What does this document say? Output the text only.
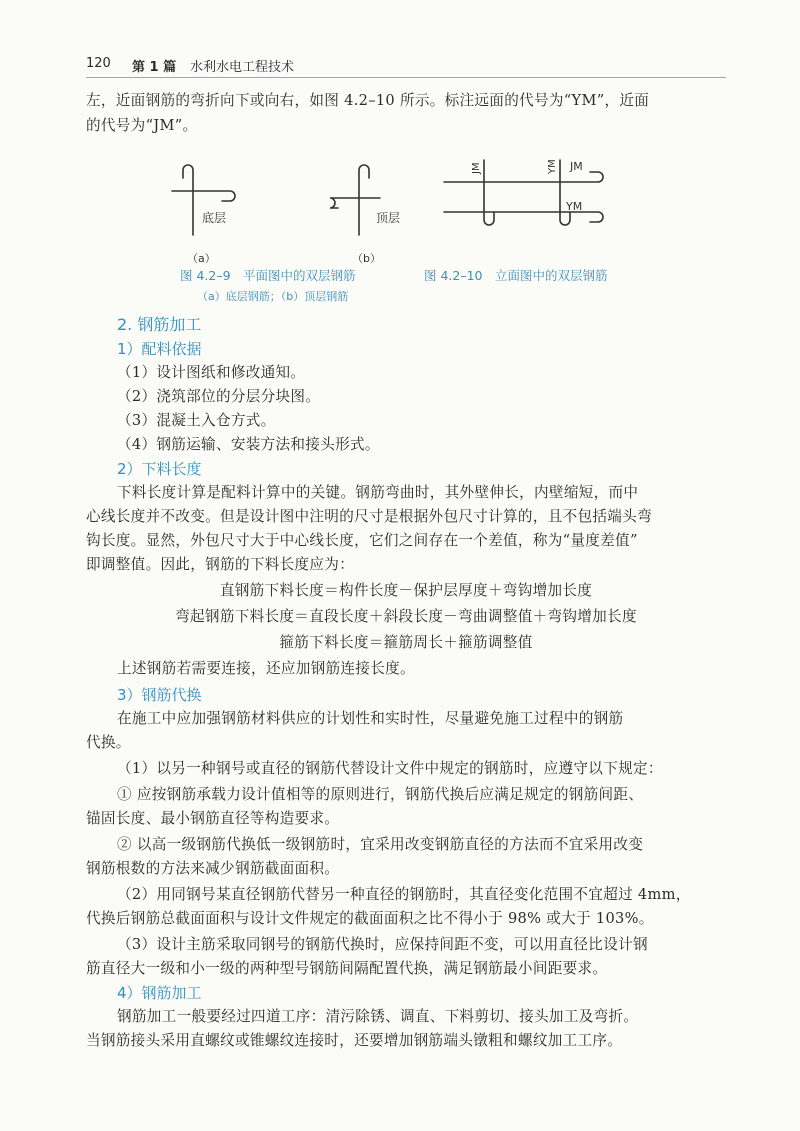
120 第 1 篇 水利水电工程技术
左，近面钢筋的弯折向下或向右，如图 4.2–10 所示。标注远面的代号为“YM”，近面
的代号为“JM”。
底层	顶层
（a）	（b）
JM	YM JM
YM
图 4.2–9　平面图中的双层钢筋
（a）底层钢筋；（b）顶层钢筋
图 4.2–10　立面图中的双层钢筋
2. 钢筋加工
1）配料依据
（1）设计图纸和修改通知。
（2）浇筑部位的分层分块图。
（3）混凝土入仓方式。
（4）钢筋运输、安装方法和接头形式。
2）下料长度
下料长度计算是配料计算中的关键。钢筋弯曲时，其外壁伸长，内壁缩短，而中
心线长度并不改变。但是设计图中注明的尺寸是根据外包尺寸计算的，且不包括端头弯
钩长度。显然，外包尺寸大于中心线长度，它们之间存在一个差值，称为“量度差值”
即调整值。因此，钢筋的下料长度应为：
直钢筋下料长度＝构件长度－保护层厚度＋弯钩增加长度
弯起钢筋下料长度＝直段长度＋斜段长度－弯曲调整值＋弯钩增加长度
箍筋下料长度＝箍筋周长＋箍筋调整值
上述钢筋若需要连接，还应加钢筋连接长度。
3）钢筋代换
在施工中应加强钢筋材料供应的计划性和实时性，尽量避免施工过程中的钢筋
代换。
（1）以另一种钢号或直径的钢筋代替设计文件中规定的钢筋时，应遵守以下规定：
① 应按钢筋承载力设计值相等的原则进行，钢筋代换后应满足规定的钢筋间距、
锚固长度、最小钢筋直径等构造要求。
② 以高一级钢筋代换低一级钢筋时，宜采用改变钢筋直径的方法而不宜采用改变
钢筋根数的方法来减少钢筋截面面积。
（2）用同钢号某直径钢筋代替另一种直径的钢筋时，其直径变化范围不宜超过 4mm，
代换后钢筋总截面面积与设计文件规定的截面面积之比不得小于 98% 或大于 103%。
（3）设计主筋采取同钢号的钢筋代换时，应保持间距不变，可以用直径比设计钢
筋直径大一级和小一级的两种型号钢筋间隔配置代换，满足钢筋最小间距要求。
4）钢筋加工
钢筋加工一般要经过四道工序：清污除锈、调直、下料剪切、接头加工及弯折。
当钢筋接头采用直螺纹或锥螺纹连接时，还要增加钢筋端头镦粗和螺纹加工工序。
